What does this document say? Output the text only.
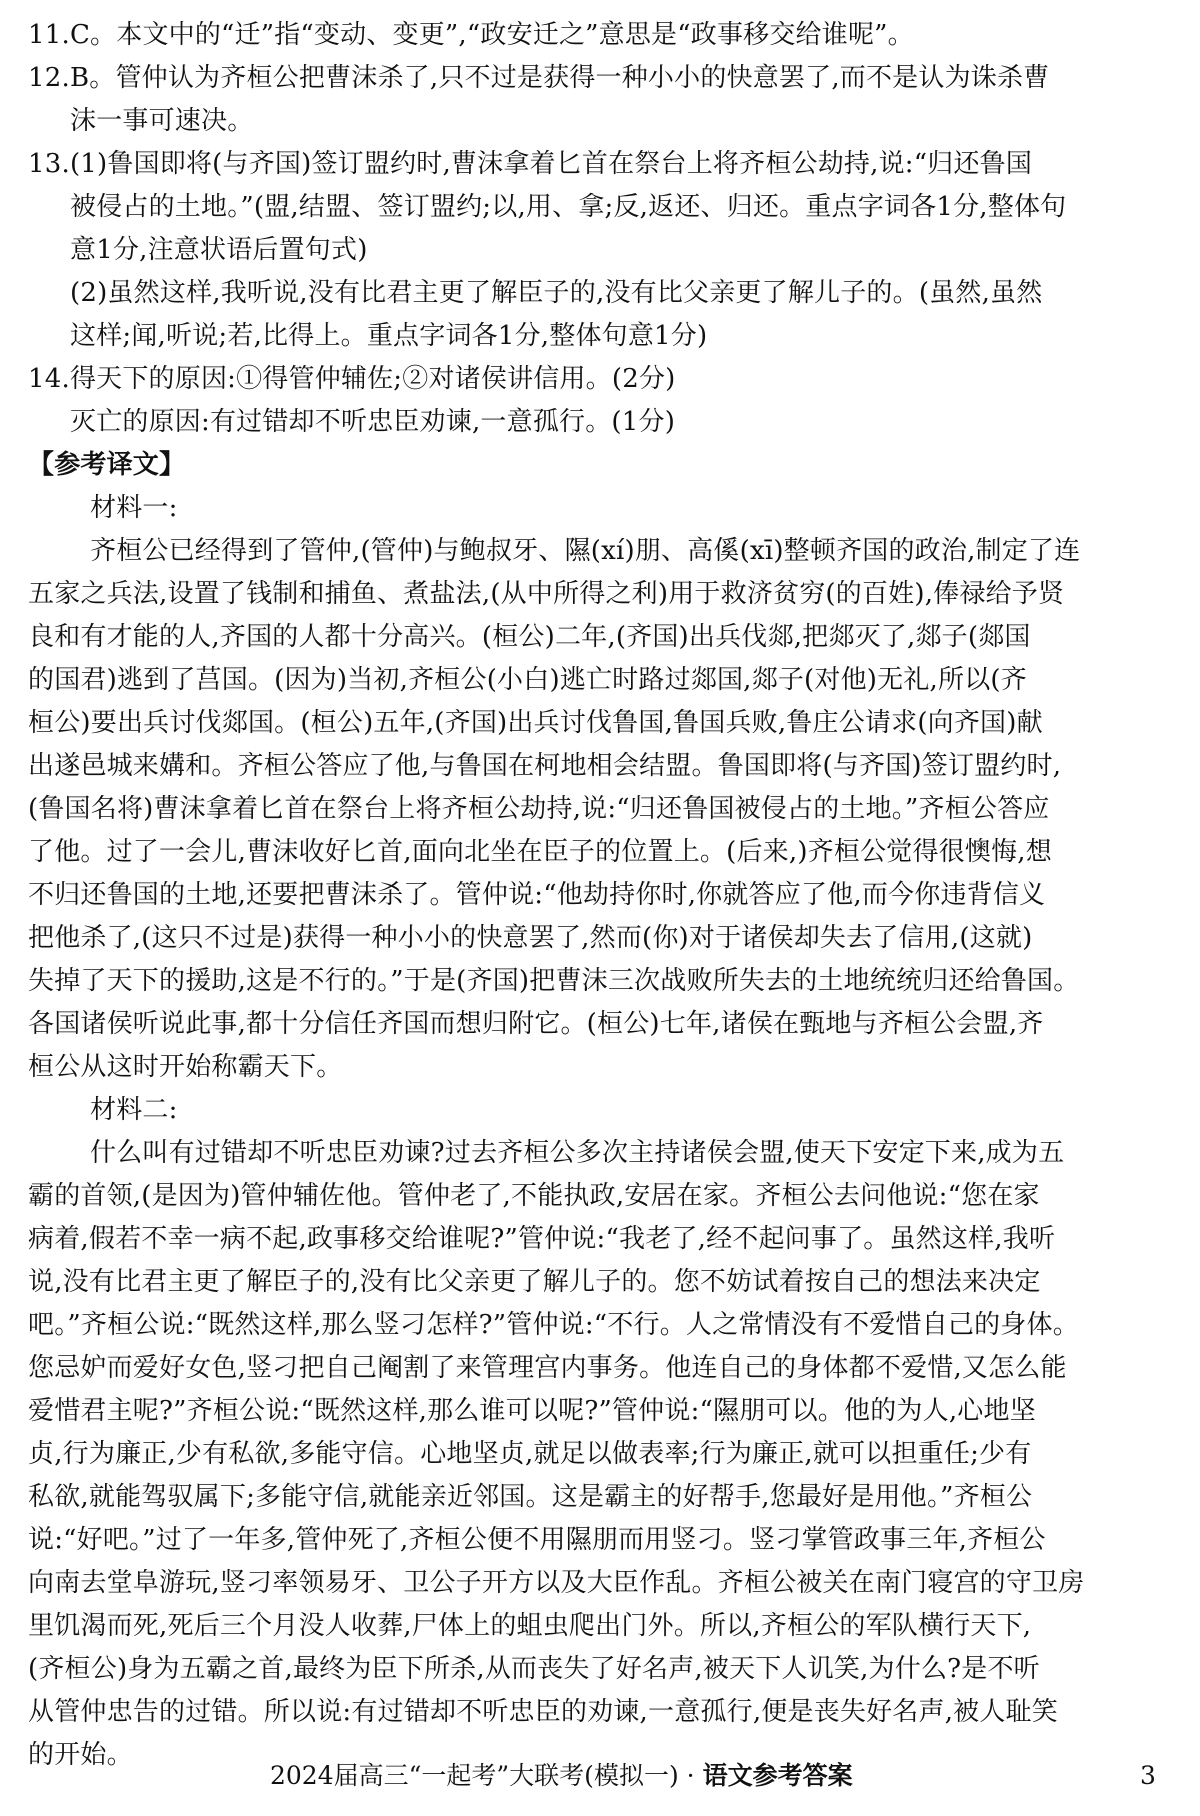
11.C。本文中的“迁”指“变动、变更”,“政安迁之”意思是“政事移交给谁呢”。
12.B。管仲认为齐桓公把曹沫杀了,只不过是获得一种小小的快意罢了,而不是认为诛杀曹
沫一事可速决。
13.(1)鲁国即将(与齐国)签订盟约时,曹沫拿着匕首在祭台上将齐桓公劫持,说:“归还鲁国
被侵占的土地。”(盟,结盟、签订盟约;以,用、拿;反,返还、归还。重点字词各1分,整体句
意1分,注意状语后置句式)
(2)虽然这样,我听说,没有比君主更了解臣子的,没有比父亲更了解儿子的。(虽然,虽然
这样;闻,听说;若,比得上。重点字词各1分,整体句意1分)
14.得天下的原因:①得管仲辅佐;②对诸侯讲信用。(2分)
灭亡的原因:有过错却不听忠臣劝谏,一意孤行。(1分)
【参考译文】
材料一:
齐桓公已经得到了管仲,(管仲)与鲍叔牙、隰(xí)朋、高傒(xī)整顿齐国的政治,制定了连
五家之兵法,设置了钱制和捕鱼、煮盐法,(从中所得之利)用于救济贫穷(的百姓),俸禄给予贤
良和有才能的人,齐国的人都十分高兴。(桓公)二年,(齐国)出兵伐郯,把郯灭了,郯子(郯国
的国君)逃到了莒国。(因为)当初,齐桓公(小白)逃亡时路过郯国,郯子(对他)无礼,所以(齐
桓公)要出兵讨伐郯国。(桓公)五年,(齐国)出兵讨伐鲁国,鲁国兵败,鲁庄公请求(向齐国)献
出遂邑城来媾和。齐桓公答应了他,与鲁国在柯地相会结盟。鲁国即将(与齐国)签订盟约时,
(鲁国名将)曹沫拿着匕首在祭台上将齐桓公劫持,说:“归还鲁国被侵占的土地。”齐桓公答应
了他。过了一会儿,曹沫收好匕首,面向北坐在臣子的位置上。(后来,)齐桓公觉得很懊悔,想
不归还鲁国的土地,还要把曹沫杀了。管仲说:“他劫持你时,你就答应了他,而今你违背信义
把他杀了,(这只不过是)获得一种小小的快意罢了,然而(你)对于诸侯却失去了信用,(这就)
失掉了天下的援助,这是不行的。”于是(齐国)把曹沫三次战败所失去的土地统统归还给鲁国。
各国诸侯听说此事,都十分信任齐国而想归附它。(桓公)七年,诸侯在甄地与齐桓公会盟,齐
桓公从这时开始称霸天下。
材料二:
什么叫有过错却不听忠臣劝谏?过去齐桓公多次主持诸侯会盟,使天下安定下来,成为五
霸的首领,(是因为)管仲辅佐他。管仲老了,不能执政,安居在家。齐桓公去问他说:“您在家
病着,假若不幸一病不起,政事移交给谁呢?”管仲说:“我老了,经不起问事了。虽然这样,我听
说,没有比君主更了解臣子的,没有比父亲更了解儿子的。您不妨试着按自己的想法来决定
吧。”齐桓公说:“既然这样,那么竖刁怎样?”管仲说:“不行。人之常情没有不爱惜自己的身体。
您忌妒而爱好女色,竖刁把自己阉割了来管理宫内事务。他连自己的身体都不爱惜,又怎么能
爱惜君主呢?”齐桓公说:“既然这样,那么谁可以呢?”管仲说:“隰朋可以。他的为人,心地坚
贞,行为廉正,少有私欲,多能守信。心地坚贞,就足以做表率;行为廉正,就可以担重任;少有
私欲,就能驾驭属下;多能守信,就能亲近邻国。这是霸主的好帮手,您最好是用他。”齐桓公
说:“好吧。”过了一年多,管仲死了,齐桓公便不用隰朋而用竖刁。竖刁掌管政事三年,齐桓公
向南去堂阜游玩,竖刁率领易牙、卫公子开方以及大臣作乱。齐桓公被关在南门寝宫的守卫房
里饥渴而死,死后三个月没人收葬,尸体上的蛆虫爬出门外。所以,齐桓公的军队横行天下,
(齐桓公)身为五霸之首,最终为臣下所杀,从而丧失了好名声,被天下人讥笑,为什么?是不听
从管仲忠告的过错。所以说:有过错却不听忠臣的劝谏,一意孤行,便是丧失好名声,被人耻笑
的开始。
2024届高三“一起考”大联考(模拟一) · 语文参考答案	3
